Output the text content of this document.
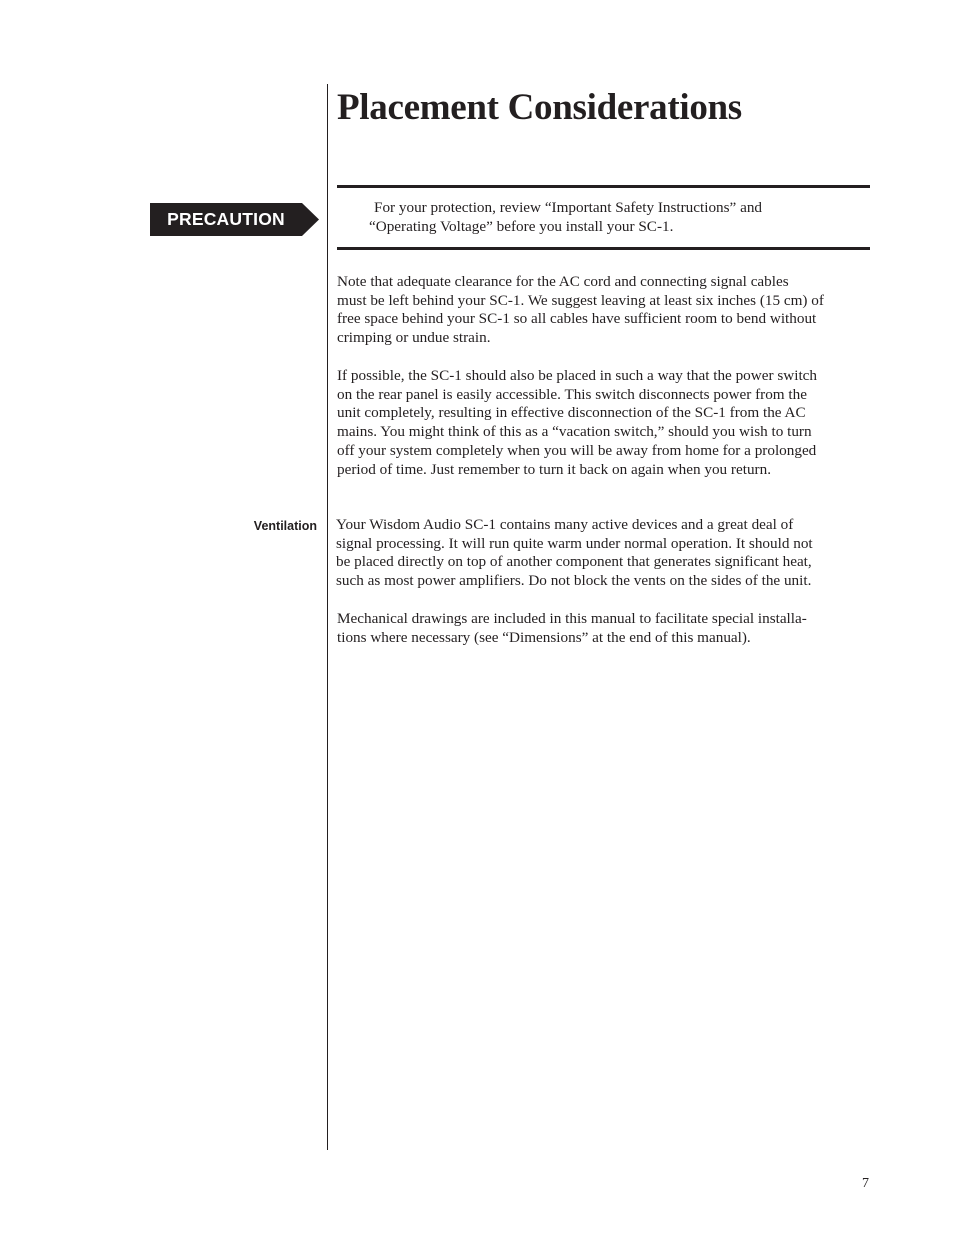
Placement Considerations
PRECAUTION

For your protection, review “Important Safety Instructions” and
“Operating Voltage” before you install your SC-1.

Note that adequate clearance for the AC cord and connecting signal cables
must be left behind your SC-1. We suggest leaving at least six inches (15 cm) of
free space behind your SC-1 so all cables have sufficient room to bend without
crimping or undue strain.

If possible, the SC-1 should also be placed in such a way that the power switch
on the rear panel is easily accessible. This switch disconnects power from the
unit completely, resulting in effective disconnection of the SC-1 from the AC
mains. You might think of this as a “vacation switch,” should you wish to turn
off your system completely when you will be away from home for a prolonged
period of time. Just remember to turn it back on again when you return.

Ventilation Your Wisdom Audio SC-1 contains many active devices and a great deal of
signal processing. It will run quite warm under normal operation. It should not
be placed directly on top of another component that generates significant heat,
such as most power amplifiers. Do not block the vents on the sides of the unit.

Mechanical drawings are included in this manual to facilitate special installa-
tions where necessary (see “Dimensions” at the end of this manual).

7
